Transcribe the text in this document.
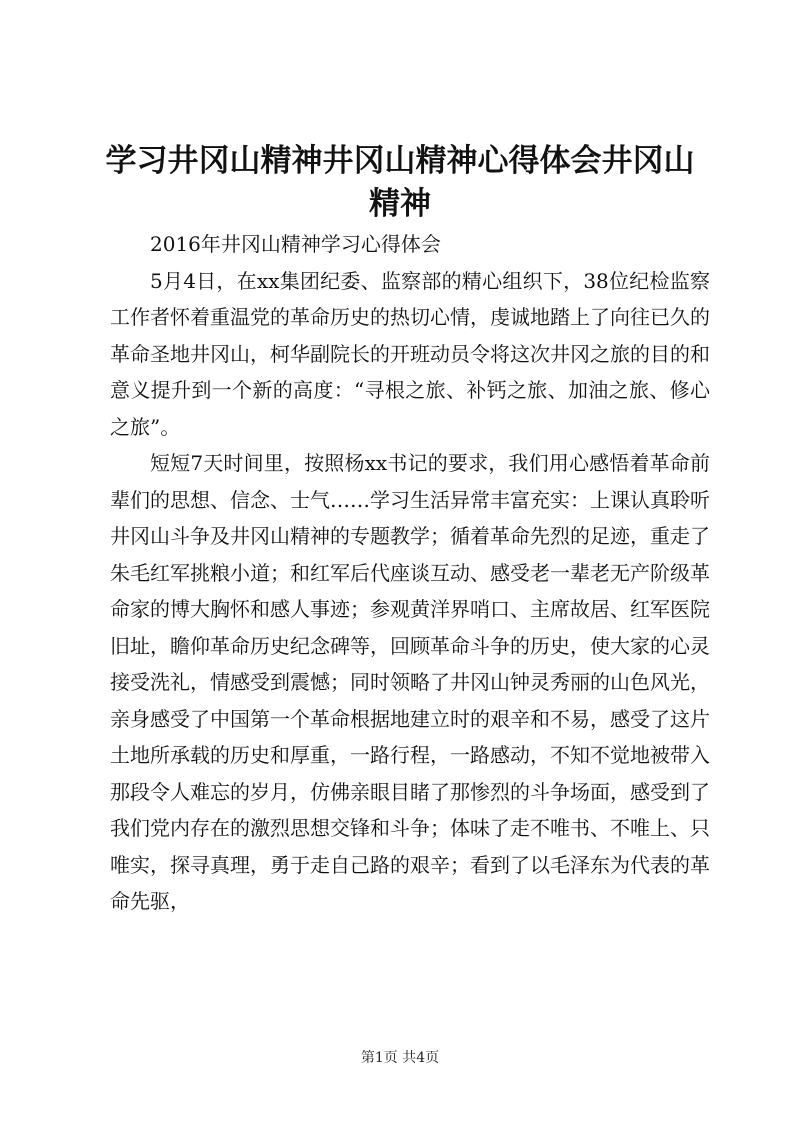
学习井冈山精神井冈山精神心得体会井冈山精神

2016年井冈山精神学习心得体会

5月4日，在xx集团纪委、监察部的精心组织下，38位纪检监察工作者怀着重温党的革命历史的热切心情，虔诚地踏上了向往已久的革命圣地井冈山，柯华副院长的开班动员令将这次井冈之旅的目的和意义提升到一个新的高度：“寻根之旅、补钙之旅、加油之旅、修心之旅”。

短短7天时间里，按照杨xx书记的要求，我们用心感悟着革命前辈们的思想、信念、士气……学习生活异常丰富充实：上课认真聆听井冈山斗争及井冈山精神的专题教学；循着革命先烈的足迹，重走了朱毛红军挑粮小道；和红军后代座谈互动、感受老一辈老无产阶级革命家的博大胸怀和感人事迹；参观黄洋界哨口、主席故居、红军医院旧址，瞻仰革命历史纪念碑等，回顾革命斗争的历史，使大家的心灵接受洗礼，情感受到震憾；同时领略了井冈山钟灵秀丽的山色风光，亲身感受了中国第一个革命根据地建立时的艰辛和不易，感受了这片土地所承载的历史和厚重，一路行程，一路感动，不知不觉地被带入那段令人难忘的岁月，仿佛亲眼目睹了那惨烈的斗争场面，感受到了我们党内存在的激烈思想交锋和斗争；体味了走不唯书、不唯上、只唯实，探寻真理，勇于走自己路的艰辛；看到了以毛泽东为代表的革命先驱，

第1页 共4页
